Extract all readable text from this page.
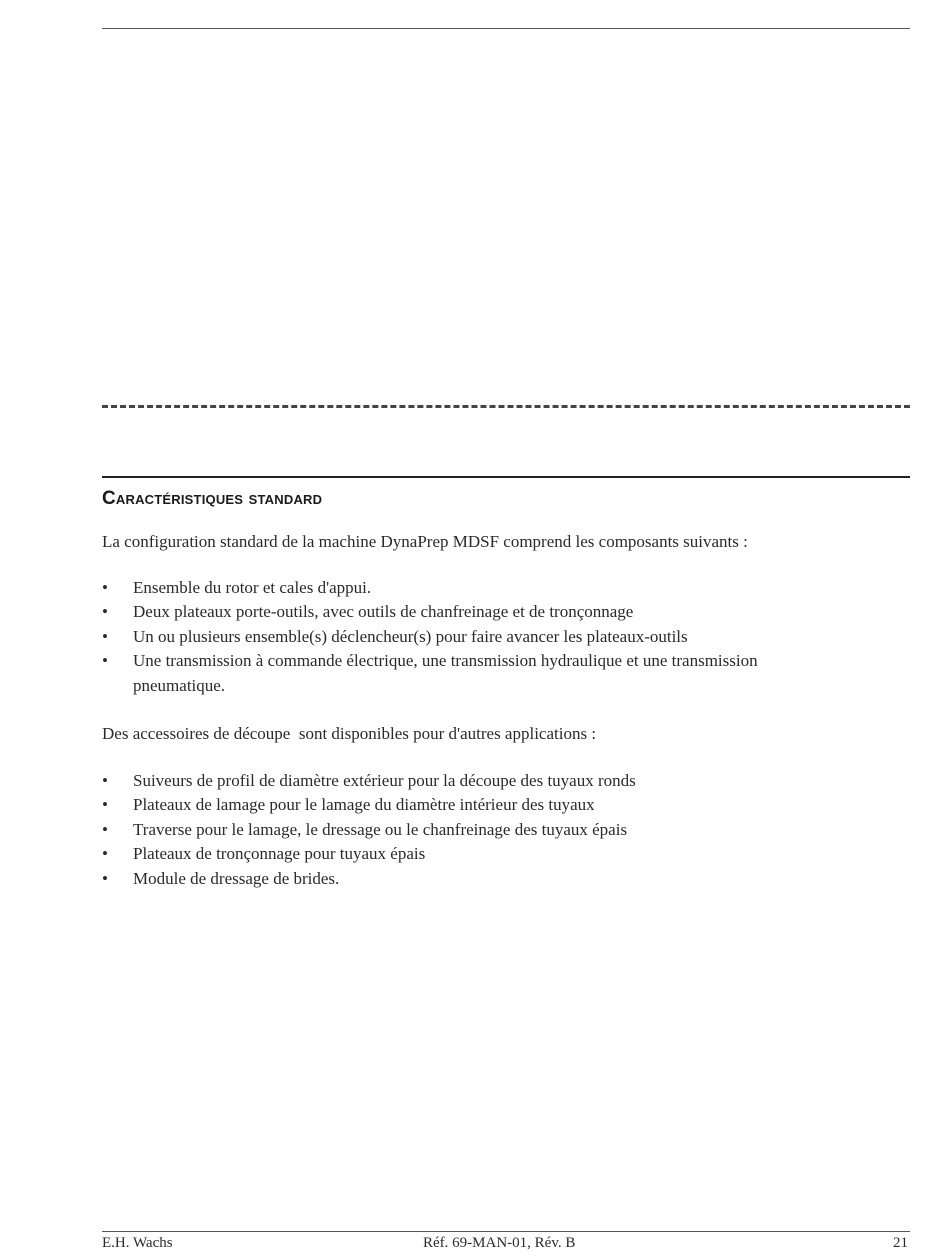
Caractéristiques standard

La configuration standard de la machine DynaPrep MDSF comprend les composants suivants :

• Ensemble du rotor et cales d'appui.
• Deux plateaux porte-outils, avec outils de chanfreinage et de tronçonnage
• Un ou plusieurs ensemble(s) déclencheur(s) pour faire avancer les plateaux-outils
• Une transmission à commande électrique, une transmission hydraulique et une transmission pneumatique.

Des accessoires de découpe  sont disponibles pour d'autres applications :

• Suiveurs de profil de diamètre extérieur pour la découpe des tuyaux ronds
• Plateaux de lamage pour le lamage du diamètre intérieur des tuyaux
• Traverse pour le lamage, le dressage ou le chanfreinage des tuyaux épais
• Plateaux de tronçonnage pour tuyaux épais
• Module de dressage de brides.
E.H. Wachs	Réf. 69-MAN-01, Rév. B	21
